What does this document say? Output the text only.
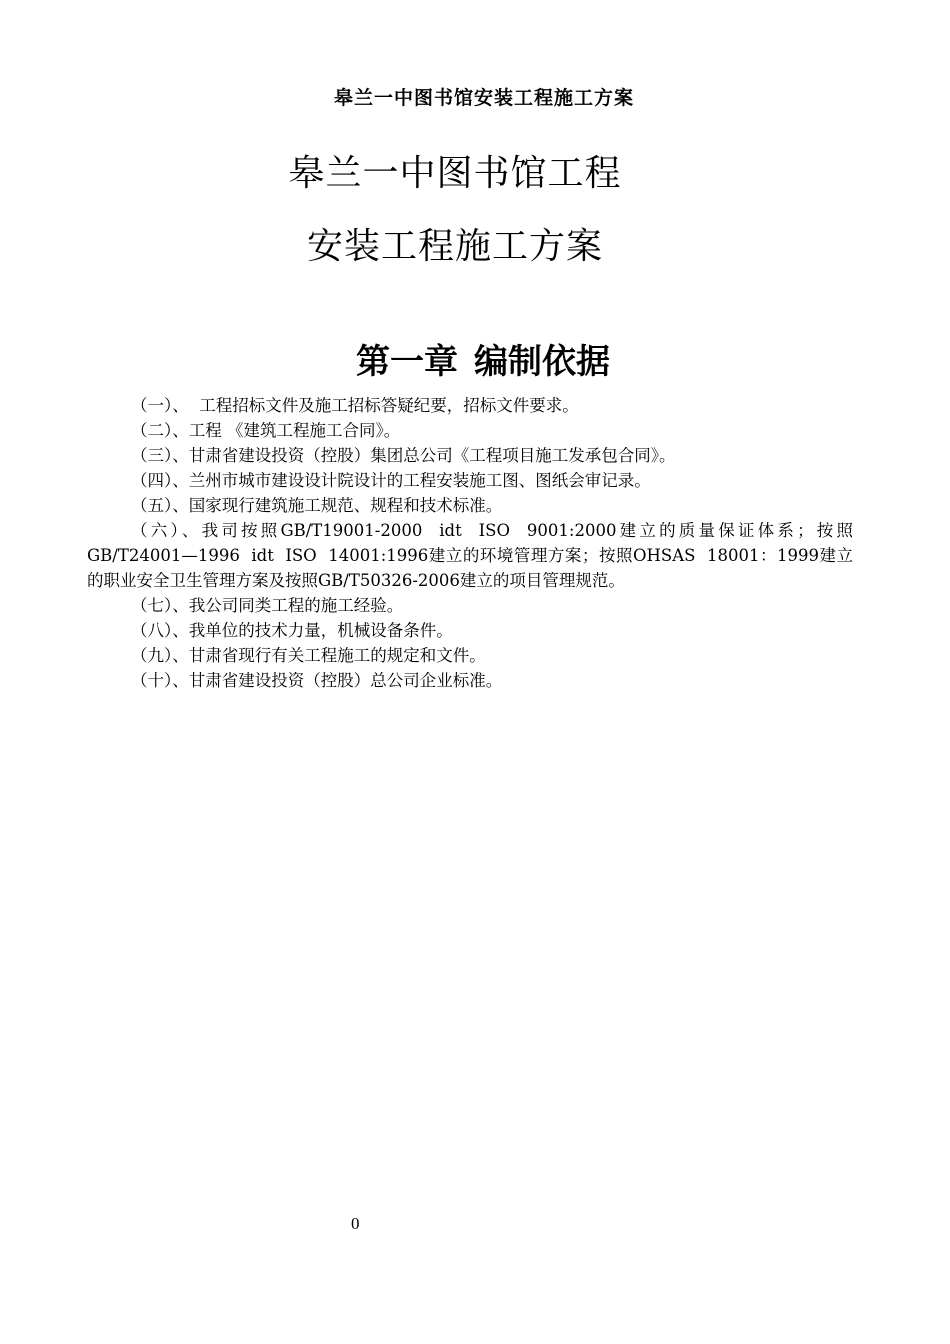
皋兰一中图书馆安装工程施工方案
皋兰一中图书馆工程
安装工程施工方案
第一章 编制依据
（一）、  工程招标文件及施工招标答疑纪要，招标文件要求。
（二）、工程 《建筑工程施工合同》。
（三）、甘肃省建设投资（控股）集团总公司《工程项目施工发承包合同》。
（四）、兰州市城市建设设计院设计的工程安装施工图、图纸会审记录。
（五）、国家现行建筑施工规范、规程和技术标准。
（六）、我司按照GB/T19001-2000  idt  ISO  9001:2000建立的质量保证体系；按照GB/T24001—1996  idt  ISO  14001:1996建立的环境管理方案；按照OHSAS  18001：1999建立的职业安全卫生管理方案及按照GB/T50326-2006建立的项目管理规范。
（七）、我公司同类工程的施工经验。
（八）、我单位的技术力量，机械设备条件。
（九）、甘肃省现行有关工程施工的规定和文件。
（十）、甘肃省建设投资（控股）总公司企业标准。
0
